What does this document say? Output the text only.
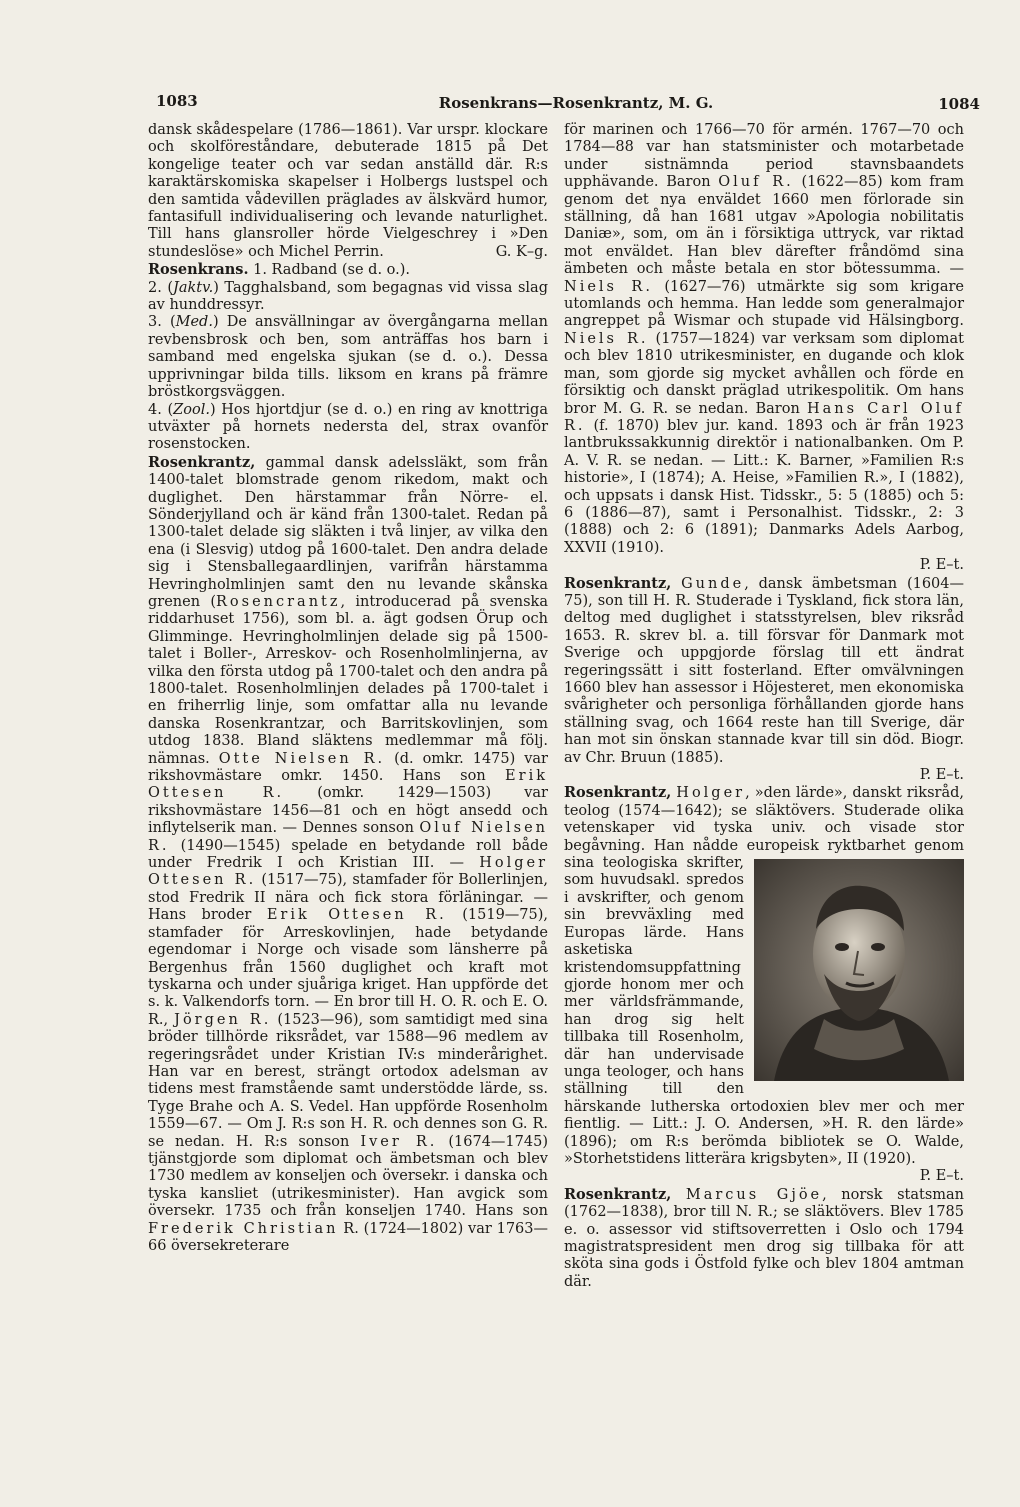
1083	Rosenkrans—Rosenkrantz, M. G.	1084

dansk skådespelare (1786—1861). Var urspr. klockare och skolföreståndare, debuterade 1815 på Det kongelige teater och var sedan anställd där. R:s karaktärskomiska skapelser i Holbergs lustspel och den samtida vådevillen präglades av älskvärd humor, fantasifull individualisering och levande naturlighet. Till hans glansroller hörde Vielgeschrey i »Den stundeslöse» och Michel Perrin.	G. K–g.

Rosenkrans. 1. Radband (se d. o.).

2. (Jaktv.) Tagghalsband, som begagnas vid vissa slag av hunddressyr.

3. (Med.) De ansvällningar av övergångarna mellan revbensbrosk och ben, som anträffas hos barn i samband med engelska sjukan (se d. o.). Dessa upprivningar bilda tills. liksom en krans på främre bröstkorgsväggen.

4. (Zool.) Hos hjortdjur (se d. o.) en ring av knottriga utväxter på hornets nedersta del, strax ovanför rosenstocken.

Rosenkrantz, gammal dansk adelssläkt, som från 1400-talet blomstrade genom rikedom, makt och duglighet. Den härstammar från Nörre- el. Sönderjylland och är känd från 1300-talet. Redan på 1300-talet delade sig släkten i två linjer, av vilka den ena (i Slesvig) utdog på 1600-talet. Den andra delade sig i Stensballegaardlinjen, varifrån härstamma Hevringholmlinjen samt den nu levande skånska grenen (Rosencrantz, introducerad på svenska riddarhuset 1756), som bl. a. ägt godsen Örup och Glimminge. Hevringholmlinjen delade sig på 1500-talet i Boller-, Arreskov- och Rosenholmlinjerna, av vilka den första utdog på 1700-talet och den andra på 1800-talet. Rosenholmlinjen delades på 1700-talet i en friherrlig linje, som omfattar alla nu levande danska Rosenkrantzar, och Barritskovlinjen, som utdog 1838. Bland släktens medlemmar må följ. nämnas. Otte Nielsen R. (d. omkr. 1475) var rikshovmästare omkr. 1450. Hans son Erik Ottesen R. (omkr. 1429—1503) var rikshovmästare 1456—81 och en högt ansedd och inflytelserik man. — Dennes sonson Oluf Nielsen R. (1490—1545) spelade en betydande roll både under Fredrik I och Kristian III. — Holger Ottesen R. (1517—75), stamfader för Bollerlinjen, stod Fredrik II nära och fick stora förläningar. — Hans broder Erik Ottesen R. (1519—75), stamfader för Arreskovlinjen, hade betydande egendomar i Norge och visade som länsherre på Bergenhus från 1560 duglighet och kraft mot tyskarna och under sjuåriga kriget. Han uppförde det s. k. Valkendorfs torn. — En bror till H. O. R. och E. O. R., Jörgen R. (1523—96), som samtidigt med sina bröder tillhörde riksrådet, var 1588—96 medlem av regeringsrådet under Kristian IV:s minderårighet. Han var en berest, strängt ortodox adelsman av tidens mest framstående samt understödde lärde, ss. Tyge Brahe och A. S. Vedel. Han uppförde Rosenholm 1559—67. — Om J. R:s son H. R. och dennes son G. R. se nedan. H. R:s sonson Iver R. (1674—1745) tjänstgjorde som diplomat och ämbetsman och blev 1730 medlem av konseljen och översekr. i danska och tyska kansliet (utrikesminister). Han avgick som översekr. 1735 och från konseljen 1740. Hans son Frederik Christian R. (1724—1802) var 1763—66 översekreterare

för marinen och 1766—70 för armén. 1767—70 och 1784—88 var han statsminister och motarbetade under sistnämnda period stavnsbaandets upphävande. Baron Oluf R. (1622—85) kom fram genom det nya enväldet 1660 men förlorade sin ställning, då han 1681 utgav »Apologia nobilitatis Daniæ», som, om än i försiktiga uttryck, var riktad mot enväldet. Han blev därefter fråndömd sina ämbeten och måste betala en stor bötessumma. — Niels R. (1627—76) utmärkte sig som krigare utomlands och hemma. Han ledde som generalmajor angreppet på Wismar och stupade vid Hälsingborg. Niels R. (1757—1824) var verksam som diplomat och blev 1810 utrikesminister, en dugande och klok man, som gjorde sig mycket avhållen och förde en försiktig och danskt präglad utrikespolitik. Om hans bror M. G. R. se nedan. Baron Hans Carl Oluf R. (f. 1870) blev jur. kand. 1893 och är från 1923 lantbrukssakkunnig direktör i nationalbanken. Om P. A. V. R. se nedan. — Litt.: K. Barner, »Familien R:s historie», I (1874); A. Heise, »Familien R.», I (1882), och uppsats i dansk Hist. Tidsskr., 5: 5 (1885) och 5: 6 (1886—87), samt i Personalhist. Tidsskr., 2: 3 (1888) och 2: 6 (1891); Danmarks Adels Aarbog, XXVII (1910).
P. E–t.

Rosenkrantz, Gunde, dansk ämbetsman (1604—75), son till H. R. Studerade i Tyskland, fick stora län, deltog med duglighet i statsstyrelsen, blev riksråd 1653. R. skrev bl. a. till försvar för Danmark mot Sverige och uppgjorde förslag till ett ändrat regeringssätt i sitt fosterland. Efter omvälvningen 1660 blev han assessor i Höjesteret, men ekonomiska svårigheter och personliga förhållanden gjorde hans ställning svag, och 1664 reste han till Sverige, där han mot sin önskan stannade kvar till sin död. Biogr. av Chr. Bruun (1885).
P. E–t.

Rosenkrantz, Holger, »den lärde», danskt riksråd, teolog (1574—1642); se släktövers. Studerade olika vetenskaper vid tyska univ. och visade stor begåvning. Han nådde europeisk ryktbarhet genom sina teologiska skrifter, som huvudsakl. spredos i avskrifter, och genom sin brevväxling med Europas lärde. Hans asketiska kristendomsuppfattning gjorde honom mer och mer världsfrämmande, han drog sig helt tillbaka till Rosenholm, där han undervisade unga teologer, och hans ställning till den härskande lutherska ortodoxien blev mer och mer fientlig. — Litt.: J. O. Andersen, »H. R. den lärde» (1896); om R:s berömda bibliotek se O. Walde, »Storhetstidens litterära krigsbyten», II (1920).
P. E–t.

Rosenkrantz, Marcus Gjöe, norsk statsman (1762—1838), bror till N. R.; se släktövers. Blev 1785 e. o. assessor vid stiftsoverretten i Oslo och 1794 magistratspresident men drog sig tillbaka för att sköta sina gods i Östfold fylke och blev 1804 amtman där.
